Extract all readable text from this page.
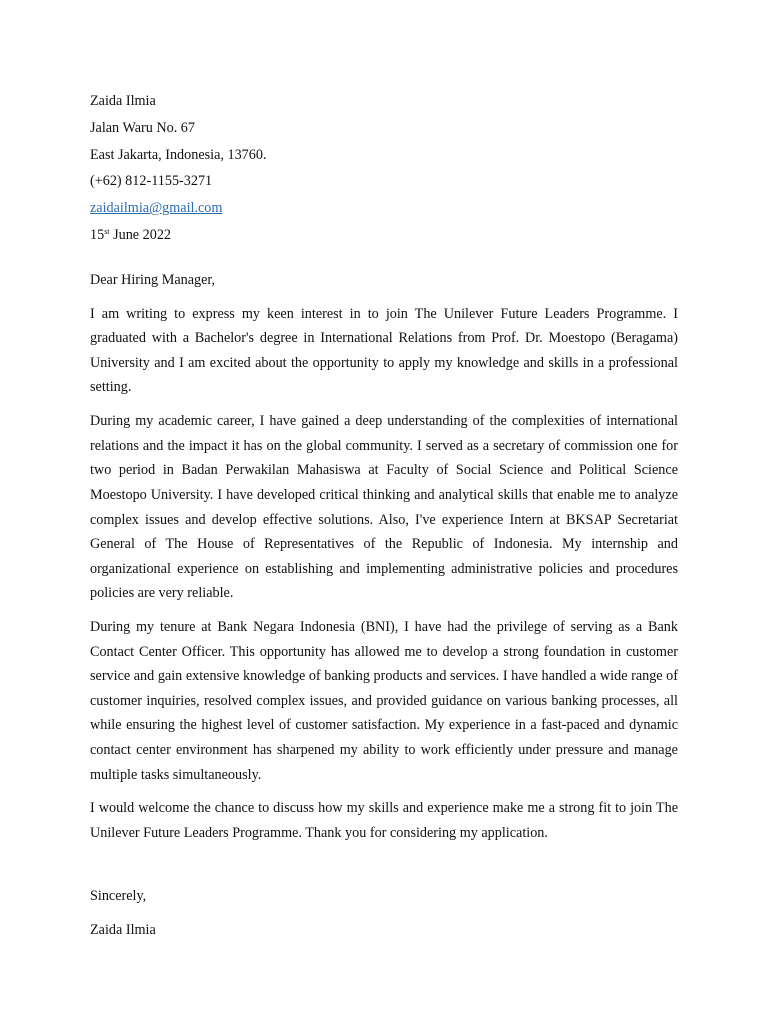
Zaida Ilmia

Jalan Waru No. 67

East Jakarta, Indonesia, 13760.

(+62) 812-1155-3271

zaidailmia@gmail.com

15st June 2022

Dear Hiring Manager,

I am writing to express my keen interest in to join The Unilever Future Leaders Programme. I graduated with a Bachelor's degree in International Relations from Prof. Dr. Moestopo (Beragama) University and I am excited about the opportunity to apply my knowledge and skills in a professional setting.

During my academic career, I have gained a deep understanding of the complexities of international relations and the impact it has on the global community. I served as a secretary of commission one for two period in Badan Perwakilan Mahasiswa at Faculty of Social Science and Political Science Moestopo University. I have developed critical thinking and analytical skills that enable me to analyze complex issues and develop effective solutions. Also, I've experience Intern at BKSAP Secretariat General of The House of Representatives of the Republic of Indonesia. My internship and organizational experience on establishing and implementing administrative policies and procedures policies are very reliable.

During my tenure at Bank Negara Indonesia (BNI), I have had the privilege of serving as a Bank Contact Center Officer. This opportunity has allowed me to develop a strong foundation in customer service and gain extensive knowledge of banking products and services. I have handled a wide range of customer inquiries, resolved complex issues, and provided guidance on various banking processes, all while ensuring the highest level of customer satisfaction. My experience in a fast-paced and dynamic contact center environment has sharpened my ability to work efficiently under pressure and manage multiple tasks simultaneously.

I would welcome the chance to discuss how my skills and experience make me a strong fit to join The Unilever Future Leaders Programme. Thank you for considering my application.

Sincerely,

Zaida Ilmia
